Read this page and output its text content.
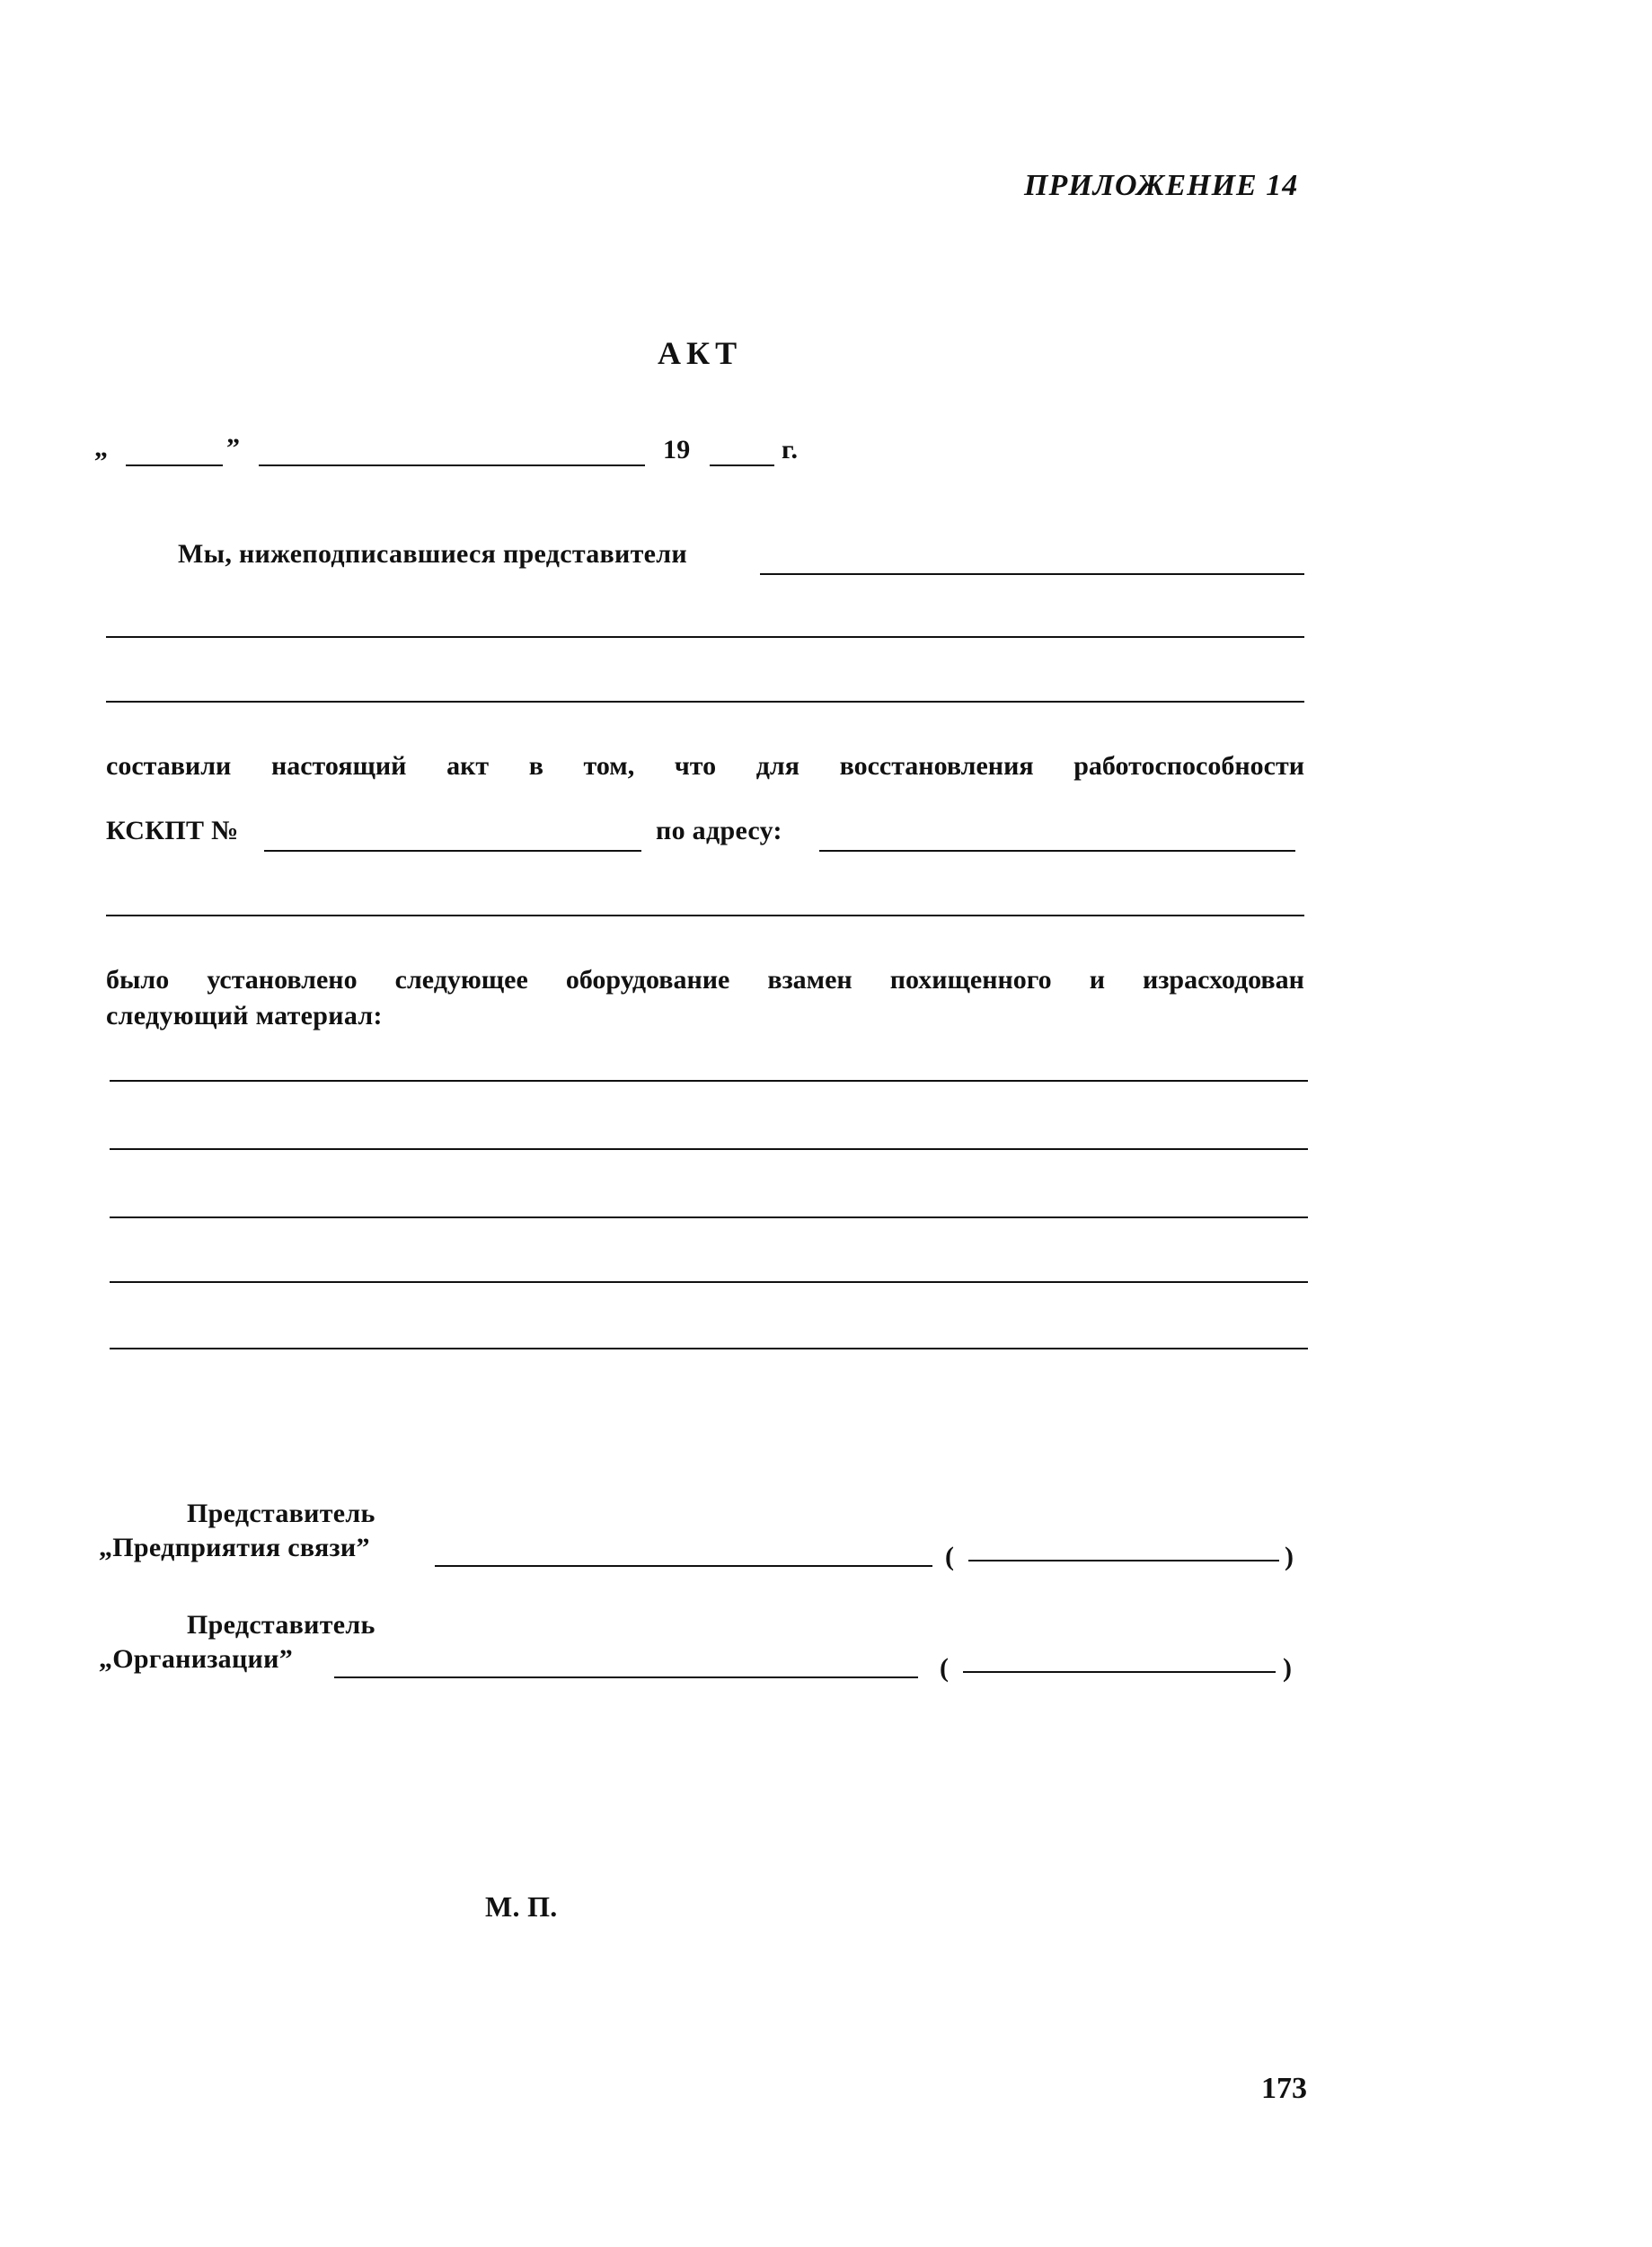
ПРИЛОЖЕНИЕ 14
АКТ
„	”	19	г.
Мы, нижеподписавшиеся представители
составили настоящий акт в том, что для восстановления работоспособности
КСКПТ №	по адресу:
было установлено следующее оборудование взамен похищенного и израсходован
следующий материал:
Представитель
„Предприятия связи”	(	)
Представитель
„Организации”	(	)
М. П.
173
